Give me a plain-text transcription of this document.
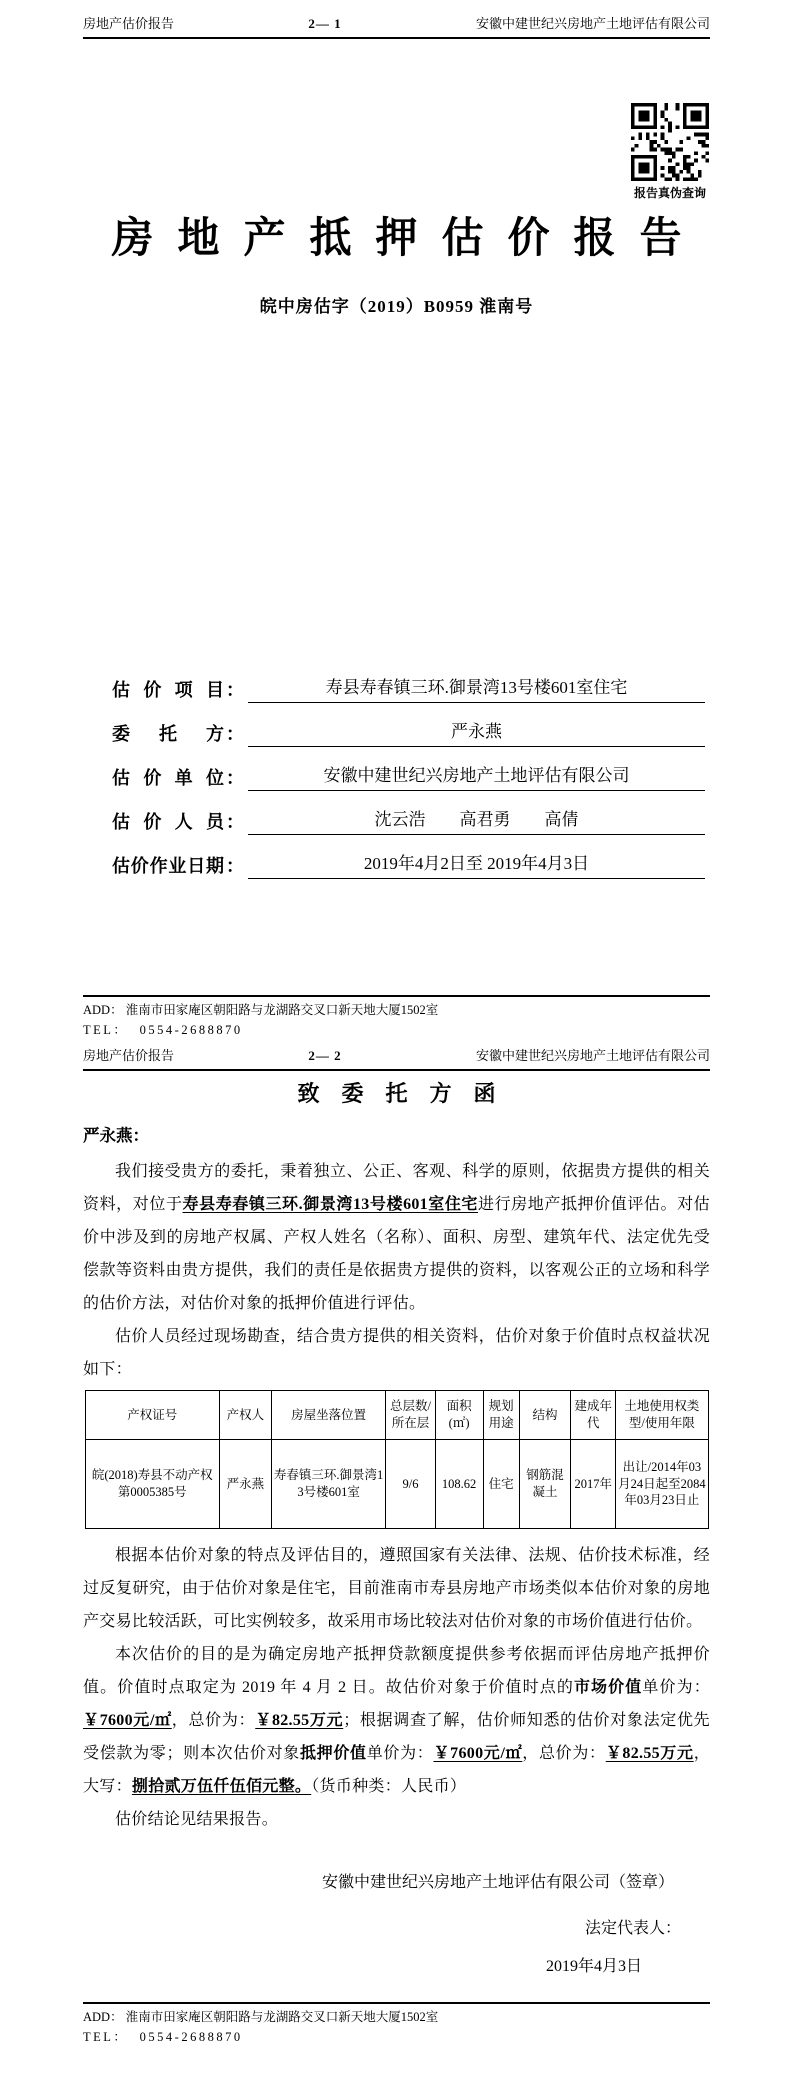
房地产估价报告	2— 1	安徽中建世纪兴房地产土地评估有限公司
报告真伪查询
房地产抵押估价报告
皖中房估字（2019）B0959 淮南号
估价项目 ：	寿县寿春镇三环.御景湾13号楼601室住宅
委托方 ：	严永燕
估价单位 ：	安徽中建世纪兴房地产土地评估有限公司
估价人员 ：	沈云浩　　高君勇　　高倩
估价作业日期 ：	2019年4月2日至 2019年4月3日
ADD： 淮南市田家庵区朝阳路与龙湖路交叉口新天地大厦1502室
TEL：  0554-2688870
房地产估价报告	2— 2	安徽中建世纪兴房地产土地评估有限公司
致委托方函
严永燕：
我们接受贵方的委托，秉着独立、公正、客观、科学的原则，依据贵方提供的相关资料，对位于寿县寿春镇三环.御景湾13号楼601室住宅进行房地产抵押价值评估。对估价中涉及到的房地产权属、产权人姓名（名称）、面积、房型、建筑年代、法定优先受偿款等资料由贵方提供，我们的责任是依据贵方提供的资料，以客观公正的立场和科学的估价方法，对估价对象的抵押价值进行评估。
估价人员经过现场勘查，结合贵方提供的相关资料，估价对象于价值时点权益状况如下：
产权证号	产权人	房屋坐落位置	总层数/所在层	面积(㎡)	规划用途	结构	建成年代	土地使用权类型/使用年限
皖(2018)寿县不动产权第0005385号	严永燕	寿春镇三环.御景湾13号楼601室	9/6	108.62	住宅	钢筋混凝土	2017年	出让/2014年03月24日起至2084年03月23日止
根据本估价对象的特点及评估目的，遵照国家有关法律、法规、估价技术标准，经过反复研究，由于估价对象是住宅，目前淮南市寿县房地产市场类似本估价对象的房地产交易比较活跃，可比实例较多，故采用市场比较法对估价对象的市场价值进行估价。
本次估价的目的是为确定房地产抵押贷款额度提供参考依据而评估房地产抵押价值。价值时点取定为 2019 年 4 月 2 日。故估价对象于价值时点的市场价值单价为：￥7600元/㎡，总价为：￥82.55万元；根据调查了解，估价师知悉的估价对象法定优先受偿款为零；则本次估价对象抵押价值单价为：￥7600元/㎡，总价为：￥82.55万元，大写：捌拾贰万伍仟伍佰元整。（货币种类：人民币）
估价结论见结果报告。
安徽中建世纪兴房地产土地评估有限公司（签章）
法定代表人：
2019年4月3日
ADD： 淮南市田家庵区朝阳路与龙湖路交叉口新天地大厦1502室
TEL：  0554-2688870
